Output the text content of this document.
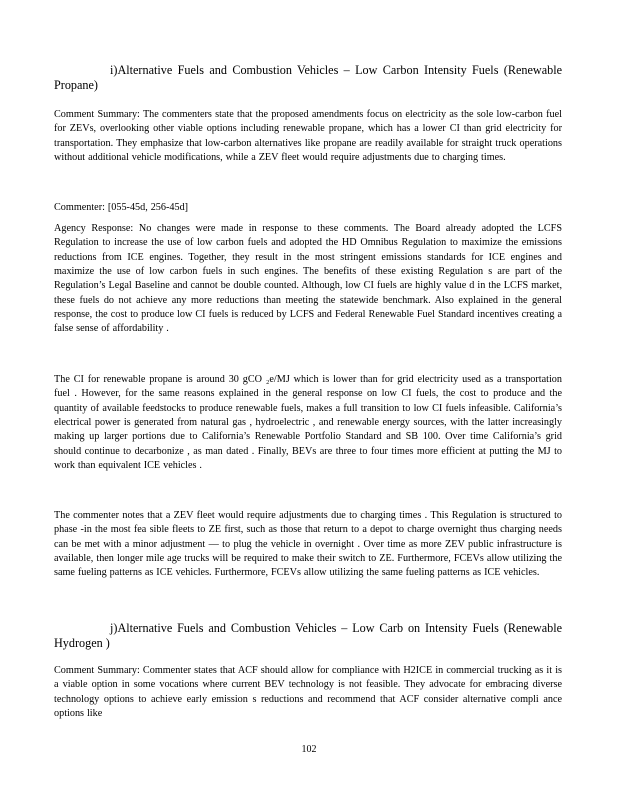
i)Alternative Fuels and Combustion Vehicles – Low Carbon Intensity Fuels (Renewable Propane)

Comment Summary: The commenters state that the proposed amendments focus on electricity as the sole low-carbon fuel for ZEVs, overlooking other viable options including renewable propane, which has a lower CI than grid electricity for transportation. They emphasize that low-carbon alternatives like propane are readily available for straight truck operations without additional vehicle modifications, while a ZEV fleet would require adjustments due to charging times.

Commenter: [055-45d, 256-45d]

Agency Response: No changes were made in response to these comments. The Board already adopted the LCFS Regulation to increase the use of low carbon fuels and adopted the HD Omnibus Regulation to maximize the emissions reductions from ICE engines. Together, they result in the most stringent emissions standards for ICE engines and maximize the use of low carbon fuels in such engines. The benefits of these existing Regulation s are part of the Regulation’s Legal Baseline and cannot be double counted. Although, low CI fuels are highly value d in the LCFS market, these fuels do not achieve any more reductions than meeting the statewide benchmark. Also explained in the general response, the cost to produce low CI fuels is reduced by LCFS and Federal Renewable Fuel Standard incentives creating a false sense of affordability .

The CI for renewable propane is around 30 gCO ₂e/MJ which is lower than for grid electricity used as a transportation fuel . However, for the same reasons explained in the general response on low CI fuels, the cost to produce and the quantity of available feedstocks to produce renewable fuels, makes a full transition to low CI fuels infeasible. California’s electrical power is generated from natural gas , hydroelectric , and renewable energy sources, with the latter increasingly making up larger portions due to California’s Renewable Portfolio Standard and SB 100. Over time California’s grid should continue to decarbonize , as man dated . Finally, BEVs are three to four times more efficient at putting the MJ to work than equivalent ICE vehicles .

The commenter notes that a ZEV fleet would require adjustments due to charging times . This Regulation is structured to phase -in the most fea sible fleets to ZE first, such as those that return to a depot to charge overnight thus charging needs can be met with a minor adjustment — to plug the vehicle in overnight . Over time as more ZEV public infrastructure is available, then longer mile age trucks will be required to make their switch to ZE. Furthermore, FCEVs allow utilizing the same fueling patterns as ICE vehicles. Furthermore, FCEVs allow utilizing the same fueling patterns as ICE vehicles.

j)Alternative Fuels and Combustion Vehicles – Low Carb on Intensity Fuels (Renewable Hydrogen )

Comment Summary: Commenter states that ACF should allow for compliance with H2ICE in commercial trucking as it is a viable option in some vocations where current BEV technology is not feasible. They advocate for embracing diverse technology options to achieve early emission s reductions and recommend that ACF consider alternative compli ance options like

102
